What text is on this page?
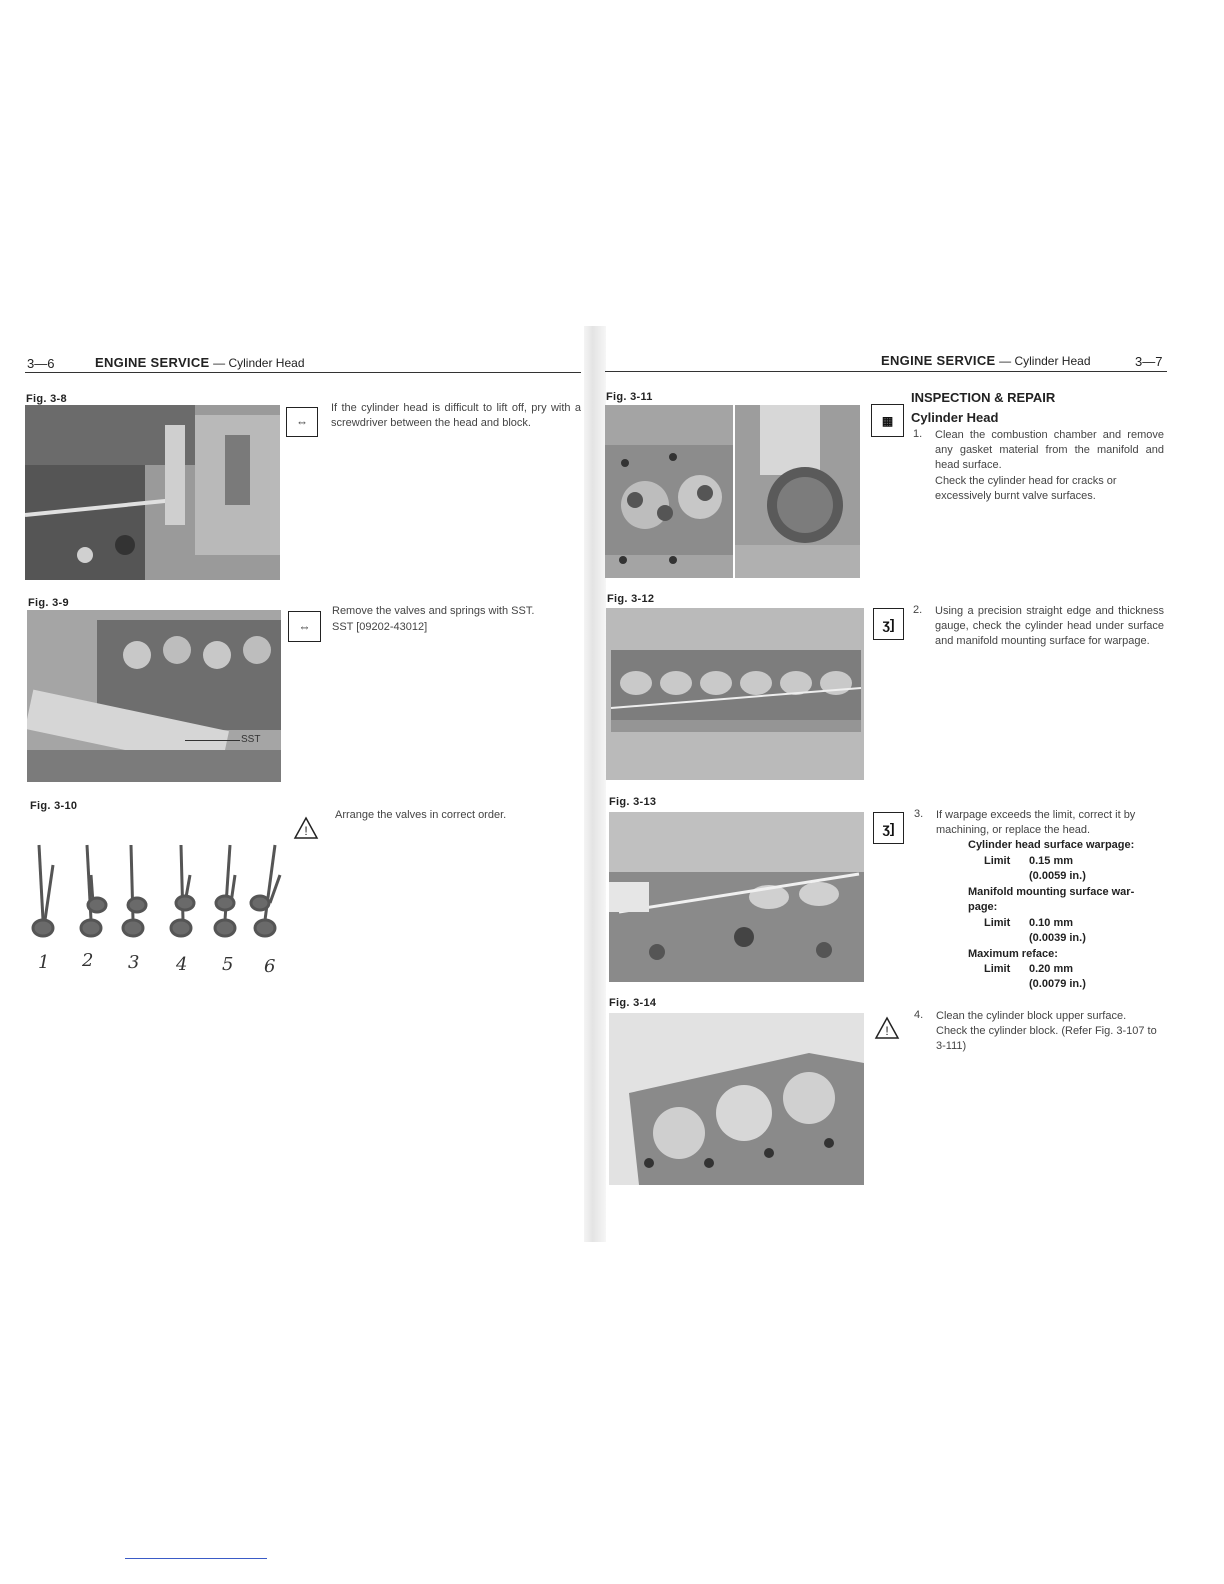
3—6	ENGINE SERVICE — Cylinder Head
Fig. 3-8
⇔
If the cylinder head is difficult to lift off, pry with a screwdriver between the head and block.
Fig. 3-9
SST
⇔
Remove the valves and springs with SST.
SST [09202-43012]
Fig. 3-10
1 2 3 4 5 6
!
Arrange the valves in correct order.
ENGINE SERVICE — Cylinder Head	3—7
Fig. 3-11
▦
INSPECTION & REPAIR
Cylinder Head
1. Clean the combustion chamber and remove any gasket material from the manifold and head surface.
Check the cylinder head for cracks or excessively burnt valve surfaces.
Fig. 3-12
ʒ]
2. Using a precision straight edge and thickness gauge, check the cylinder head under surface and manifold mounting surface for warpage.
Fig. 3-13
ʒ]
3. If warpage exceeds the limit, correct it by machining, or replace the head.
Cylinder head surface warpage:
Limit 0.15 mm
(0.0059 in.)
Manifold mounting surface war-
page:
Limit 0.10 mm
(0.0039 in.)
Maximum reface:
Limit 0.20 mm
(0.0079 in.)
Fig. 3-14
!
4. Clean the cylinder block upper surface.
Check the cylinder block. (Refer Fig. 3-107 to 3-111)
